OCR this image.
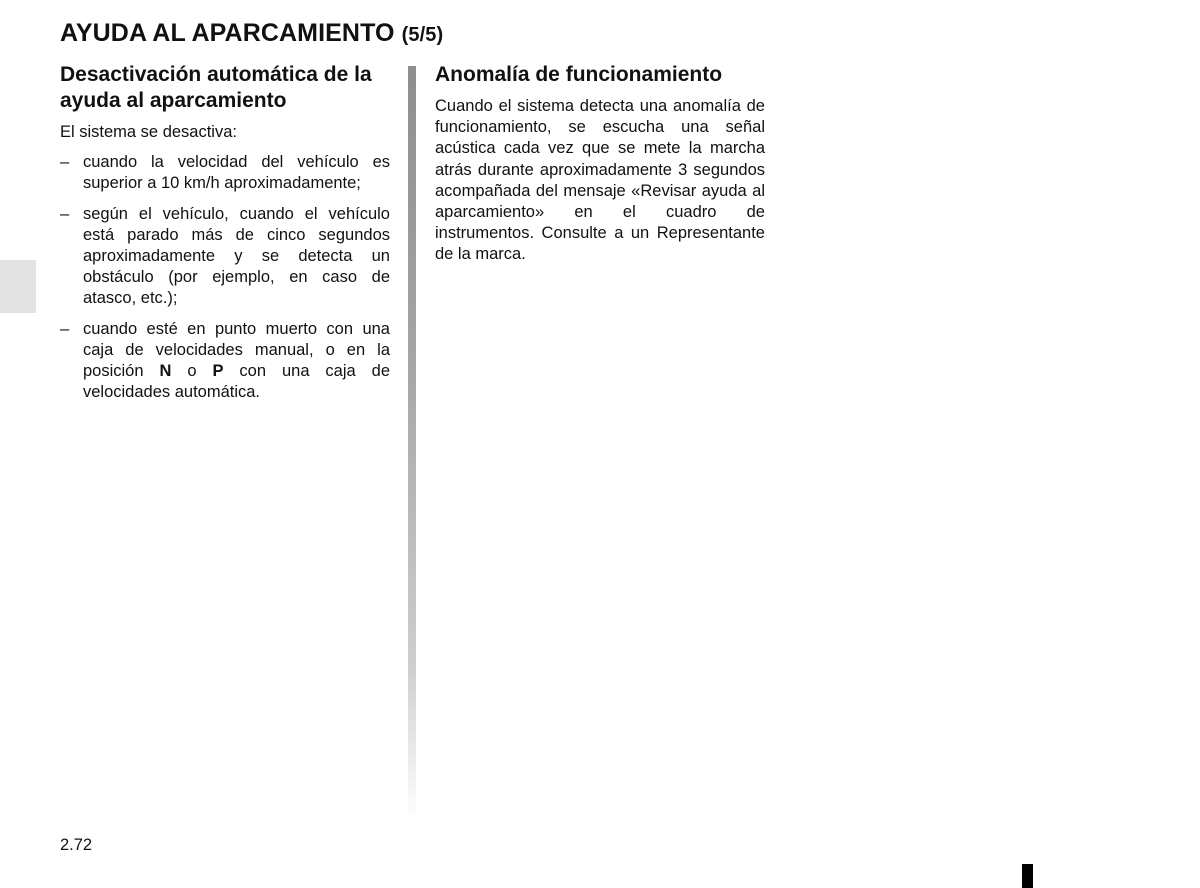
AYUDA AL APARCAMIENTO (5/5)
Desactivación automática de la ayuda al aparcamiento

El sistema se desactiva:

– cuando la velocidad del vehículo es superior a 10 km/h aproximadamente;
– según el vehículo, cuando el vehículo está parado más de cinco segundos aproximadamente y se detecta un obstáculo (por ejemplo, en caso de atasco, etc.);
– cuando esté en punto muerto con una caja de velocidades manual, o en la posición N o P con una caja de velocidades automática.
Anomalía de funcionamiento

Cuando el sistema detecta una anomalía de funcionamiento, se escucha una señal acústica cada vez que se mete la marcha atrás durante aproximadamente 3 segundos acompañada del mensaje «Revisar ayuda al aparcamiento» en el cuadro de instrumentos. Consulte a un Representante de la marca.

2.72
